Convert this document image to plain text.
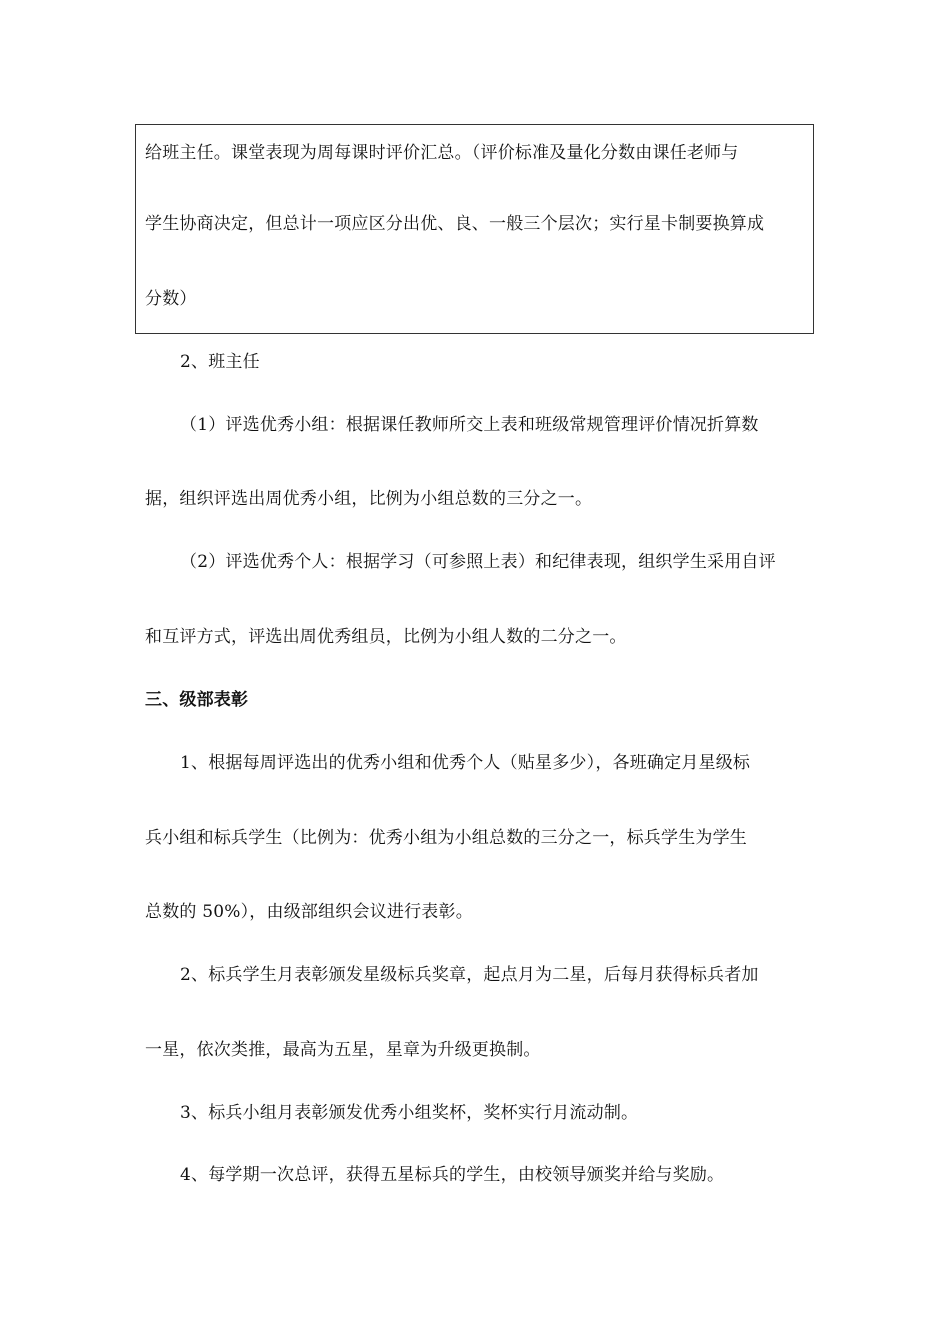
给班主任。课堂表现为周每课时评价汇总。（评价标准及量化分数由课任老师与
学生协商决定，但总计一项应区分出优、良、一般三个层次；实行星卡制要换算成
分数）
2、班主任
（1）评选优秀小组：根据课任教师所交上表和班级常规管理评价情况折算数
据，组织评选出周优秀小组，比例为小组总数的三分之一。
（2）评选优秀个人：根据学习（可参照上表）和纪律表现，组织学生采用自评
和互评方式，评选出周优秀组员，比例为小组人数的二分之一。
三、级部表彰
1、根据每周评选出的优秀小组和优秀个人（贴星多少），各班确定月星级标
兵小组和标兵学生（比例为：优秀小组为小组总数的三分之一，标兵学生为学生
总数的 50%），由级部组织会议进行表彰。
2、标兵学生月表彰颁发星级标兵奖章，起点月为二星，后每月获得标兵者加
一星，依次类推，最高为五星，星章为升级更换制。
3、标兵小组月表彰颁发优秀小组奖杯，奖杯实行月流动制。
4、每学期一次总评，获得五星标兵的学生，由校领导颁奖并给与奖励。
